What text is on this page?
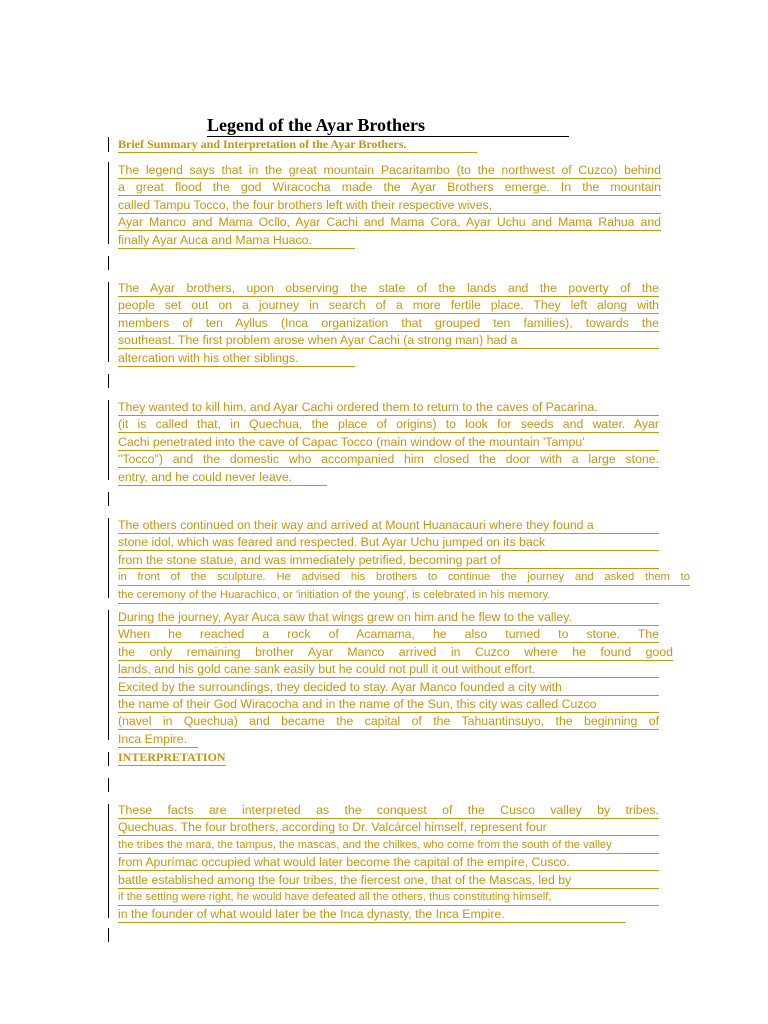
Legend of the Ayar Brothers

Brief Summary and Interpretation of the Ayar Brothers.

The legend says that in the great mountain Pacaritambo (to the northwest of Cuzco) behind
a great flood the god Wiracocha made the Ayar Brothers emerge. In the mountain
called Tampu Tocco, the four brothers left with their respective wives,
Ayar Manco and Mama Ocllo, Ayar Cachi and Mama Cora, Ayar Uchu and Mama Rahua and
finally Ayar Auca and Mama Huaco.
The Ayar brothers, upon observing the state of the lands and the poverty of the
people set out on a journey in search of a more fertile place. They left along with
members of ten Ayllus (Inca organization that grouped ten families), towards the
southeast. The first problem arose when Ayar Cachi (a strong man) had a
altercation with his other siblings.
They wanted to kill him, and Ayar Cachi ordered them to return to the caves of Pacarina.
(it is called that, in Quechua, the place of origins) to look for seeds and water. Ayar
Cachi penetrated into the cave of Capac Tocco (main window of the mountain 'Tampu'
"Tocco") and the domestic who accompanied him closed the door with a large stone.
entry, and he could never leave.
The others continued on their way and arrived at Mount Huanacauri where they found a
stone idol, which was feared and respected. But Ayar Uchu jumped on its back
from the stone statue, and was immediately petrified, becoming part of
in front of the sculpture. He advised his brothers to continue the journey and asked them to
the ceremony of the Huarachico, or 'initiation of the young', is celebrated in his memory.
During the journey, Ayar Auca saw that wings grew on him and he flew to the valley.
When he reached a rock of Acamama, he also turned to stone. The
the only remaining brother Ayar Manco arrived in Cuzco where he found good
lands, and his gold cane sank easily but he could not pull it out without effort.
Excited by the surroundings, they decided to stay. Ayar Manco founded a city with
the name of their God Wiracocha and in the name of the Sun, this city was called Cuzco
(navel in Quechua) and became the capital of the Tahuantinsuyo, the beginning of
Inca Empire.
INTERPRETATION
These facts are interpreted as the conquest of the Cusco valley by tribes.
Quechuas. The four brothers, according to Dr. Valcárcel himself, represent four
the tribes the mara, the tampus, the mascas, and the chilkes, who come from the south of the valley
from Apurímac occupied what would later become the capital of the empire, Cusco.
battle established among the four tribes, the fiercest one, that of the Mascas, led by
if the setting were right, he would have defeated all the others, thus constituting himself,
in the founder of what would later be the Inca dynasty, the Inca Empire.
